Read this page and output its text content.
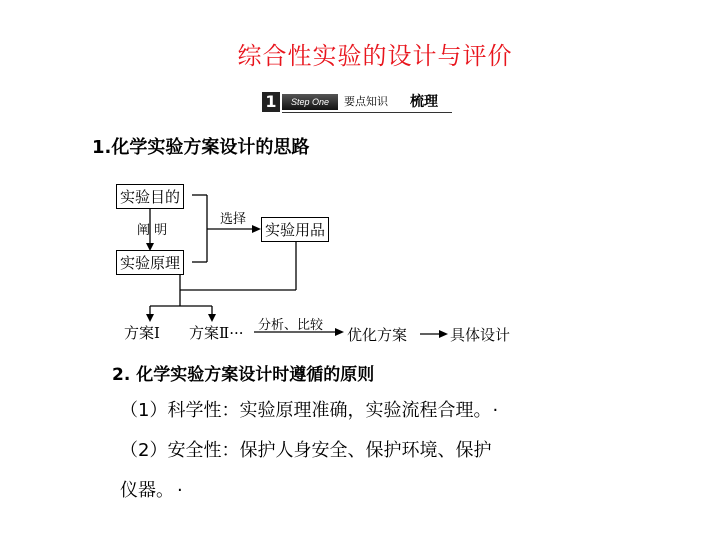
综合性实验的设计与评价
1	Step One	要点知识 梳理
1.化学实验方案设计的思路
实验目的
实验原理
实验用品
阐 明
选择
方案Ⅰ 方案Ⅱ··· 分析、比较
优化方案	具体设计
2. 化学实验方案设计时遵循的原则
（1）科学性：实验原理准确，实验流程合理。 ·
（2）安全性：保护人身安全、保护环境、保护
仪器。 ·
